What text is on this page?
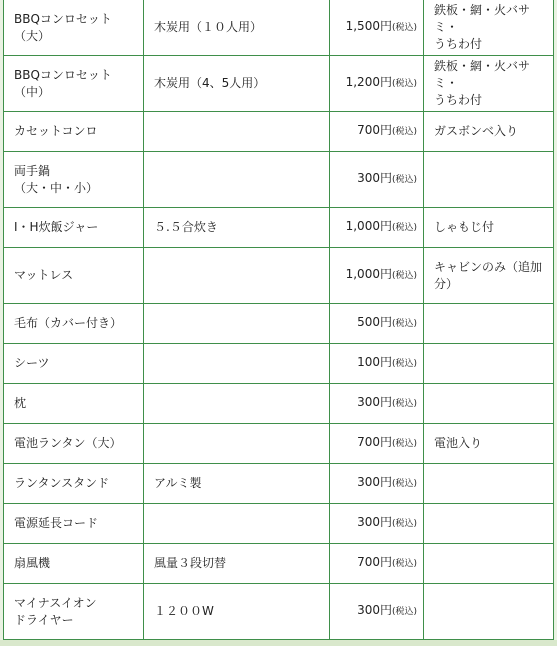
BBQコンロセット（大）	木炭用（１０人用）	1,500円(税込)	鉄板・網・火バサミ・
うちわ付

BBQコンロセット（中）	木炭用（4、5人用）	1,200円(税込)	鉄板・網・火バサミ・
うちわ付

カセットコンロ		700円(税込)	ガスボンベ入り

両手鍋
（大・中・小）		300円(税込)	

I・H炊飯ジャー	５.５合炊き	1,000円(税込)	しゃもじ付

マットレス		1,000円(税込)	キャビンのみ（追加
分）

毛布（カバー付き）		500円(税込)	

シーツ		100円(税込)	

枕		300円(税込)	

電池ランタン（大）		700円(税込)	電池入り

ランタンスタンド	アルミ製	300円(税込)	

電源延長コード		300円(税込)	

扇風機	風量３段切替	700円(税込)	

マイナスイオン
ドライヤー	１２００W	300円(税込)	
